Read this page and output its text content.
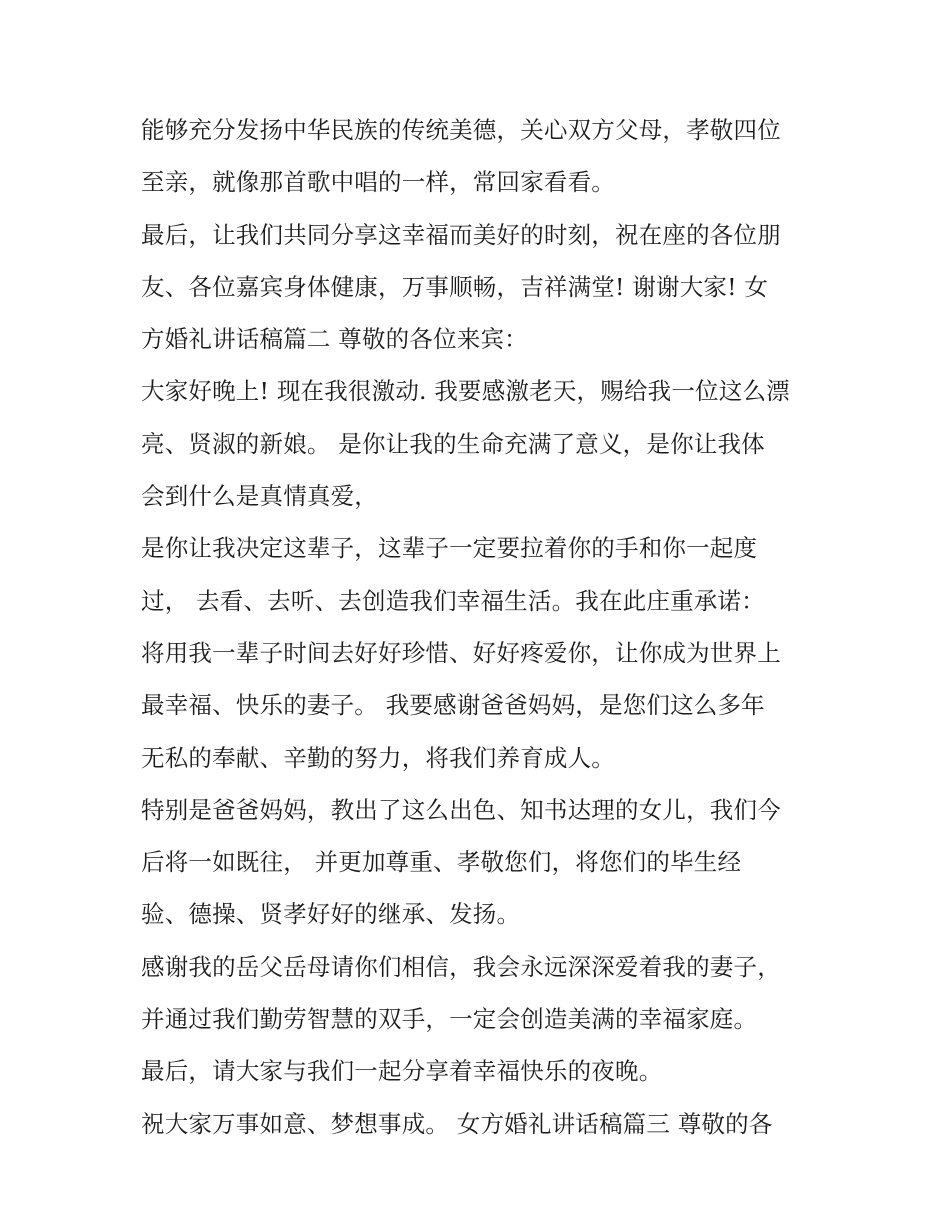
能够充分发扬中华民族的传统美德，关心双方父母，孝敬四位
至亲，就像那首歌中唱的一样，常回家看看。
最后，让我们共同分享这幸福而美好的时刻，祝在座的各位朋
友、各位嘉宾身体健康，万事顺畅，吉祥满堂! 谢谢大家! 女
方婚礼讲话稿篇二 尊敬的各位来宾：
大家好晚上! 现在我很激动. 我要感激老天，赐给我一位这么漂
亮、贤淑的新娘。 是你让我的生命充满了意义，是你让我体
会到什么是真情真爱，
是你让我决定这辈子，这辈子一定要拉着你的手和你一起度
过， 去看、去听、去创造我们幸福生活。我在此庄重承诺：
将用我一辈子时间去好好珍惜、好好疼爱你，让你成为世界上
最幸福、快乐的妻子。 我要感谢爸爸妈妈，是您们这么多年
无私的奉献、辛勤的努力，将我们养育成人。
特别是爸爸妈妈，教出了这么出色、知书达理的女儿，我们今
后将一如既往， 并更加尊重、孝敬您们，将您们的毕生经
验、德操、贤孝好好的继承、发扬。
感谢我的岳父岳母请你们相信，我会永远深深爱着我的妻子，
并通过我们勤劳智慧的双手，一定会创造美满的幸福家庭。
最后，请大家与我们一起分享着幸福快乐的夜晚。
祝大家万事如意、梦想事成。 女方婚礼讲话稿篇三 尊敬的各
